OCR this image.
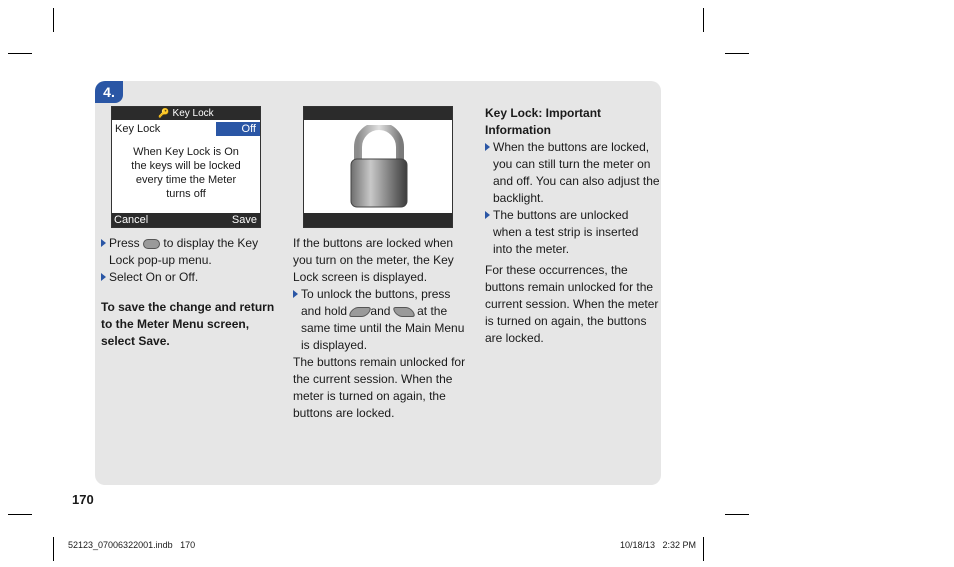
4.
🔑 Key Lock
Key Lock	Off
When Key Lock is On
the keys will be locked
every time the Meter
turns off
Cancel	Save

Press to display the Key

Lock pop-up menu.

Select On or Off.

To save the change and return

to the Meter Menu screen,

select Save.

If the buttons are locked when

you turn on the meter, the Key

Lock screen is displayed.

To unlock the buttons, press

and hold and at the

same time until the Main Menu

is displayed.

The buttons remain unlocked for

the current session. When the

meter is turned on again, the

buttons are locked.

Key Lock: Important

Information

When the buttons are locked,

you can still turn the meter on

and off. You can also adjust the

backlight.

The buttons are unlocked

when a test strip is inserted

into the meter.

For these occurrences, the

buttons remain unlocked for the

current session. When the meter

is turned on again, the buttons

are locked.

170
52123_07006322001.indb   170	10/18/13   2:32 PM
